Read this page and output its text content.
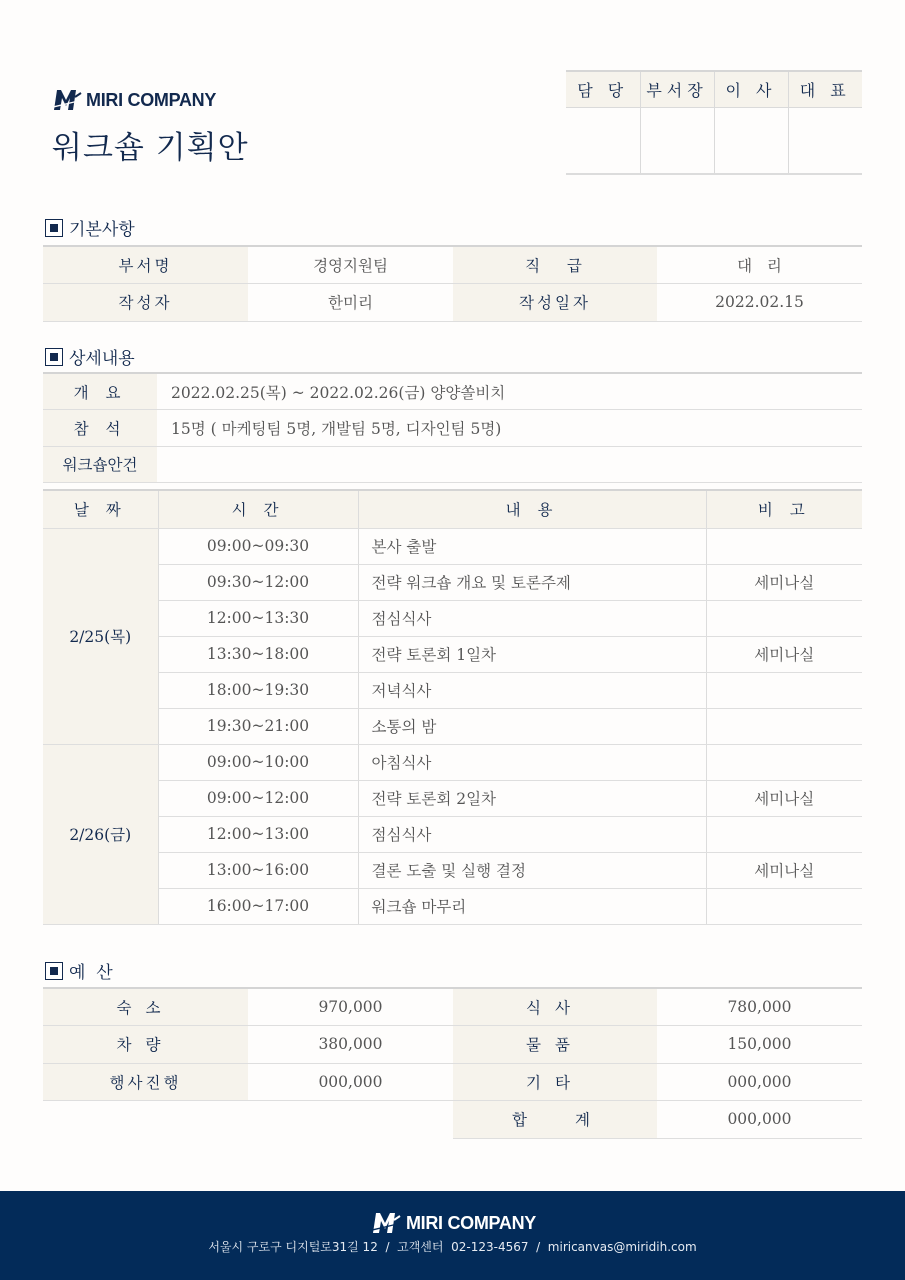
MIRI COMPANY
워크숍 기획안
담 당	부서장	이 사	대 표

기본사항
부서명	경영지원팀	직   급	대   리
작성자	한미리	작성일자	2022.02.15
상세내용
개 요	2022.02.25(목) ~ 2022.02.26(금) 양양쏠비치
참 석	15명 ( 마케팅팀 5명, 개발팀 5명, 디자인팀 5명)
워크숍안건	
날 짜	시 간	내 용	비 고
2/25(목)	09:00~09:30	본사 출발	
	09:30~12:00	전략 워크숍 개요 및 토론주제	세미나실
	12:00~13:30	점심식사	
	13:30~18:00	전략 토론회 1일차	세미나실
	18:00~19:30	저녁식사	
	19:30~21:00	소통의 밤	
2/26(금)	09:00~10:00	아침식사	
	09:00~12:00	전략 토론회 2일차	세미나실
	12:00~13:00	점심식사	
	13:00~16:00	결론 도출 및 실행 결정	세미나실
	16:00~17:00	워크숍 마무리	
예  산
숙소	970,000	식사	780,000
차량	380,000	물품	150,000
행사진행	000,000	기타	000,000
		합계	000,000
MIRI COMPANY
서울시 구로구 디지털로31길 12  /  고객센터  02-123-4567  /  miricanvas@miridih.com
